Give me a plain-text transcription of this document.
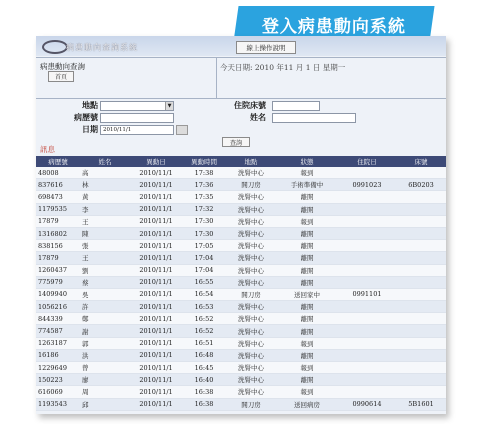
登入病患動向系統
病患動向查詢系統	線上操作說明
病患動向查詢
首頁
今天日期: 2010 年11 月 1 日 星期一
地點	▼	住院床號
病歷號	姓名
日期 2010/11/1
查詢
訊息
病歷號	姓名	異動日	異動時間	地點	狀態	住院日	床號
48008	高	2010/11/1	17:38	洗腎中心	報到		
837616	林	2010/11/1	17:36	開刀房	手術準備中	0991023	6B0203
698473	黃	2010/11/1	17:35	洗腎中心	離開		
1179535	李	2010/11/1	17:32	洗腎中心	離開		
17879	王	2010/11/1	17:30	洗腎中心	報到		
1316802	陳	2010/11/1	17:30	洗腎中心	離開		
838156	張	2010/11/1	17:05	洗腎中心	離開		
17879	王	2010/11/1	17:04	洗腎中心	離開		
1260437	劉	2010/11/1	17:04	洗腎中心	離開		
775979	蔡	2010/11/1	16:55	洗腎中心	離開		
1409940	吳	2010/11/1	16:54	開刀房	送回家中	0991101	
1056216	許	2010/11/1	16:53	洗腎中心	離開		
844339	鄭	2010/11/1	16:52	洗腎中心	離開		
774587	謝	2010/11/1	16:52	洗腎中心	離開		
1263187	郭	2010/11/1	16:51	洗腎中心	報到		
16186	洪	2010/11/1	16:48	洗腎中心	離開		
1229649	曾	2010/11/1	16:45	洗腎中心	報到		
150223	廖	2010/11/1	16:40	洗腎中心	離開		
616069	周	2010/11/1	16:38	洗腎中心	報到		
1193543	邱	2010/11/1	16:38	開刀房	送回病房	0990614	5B1601
